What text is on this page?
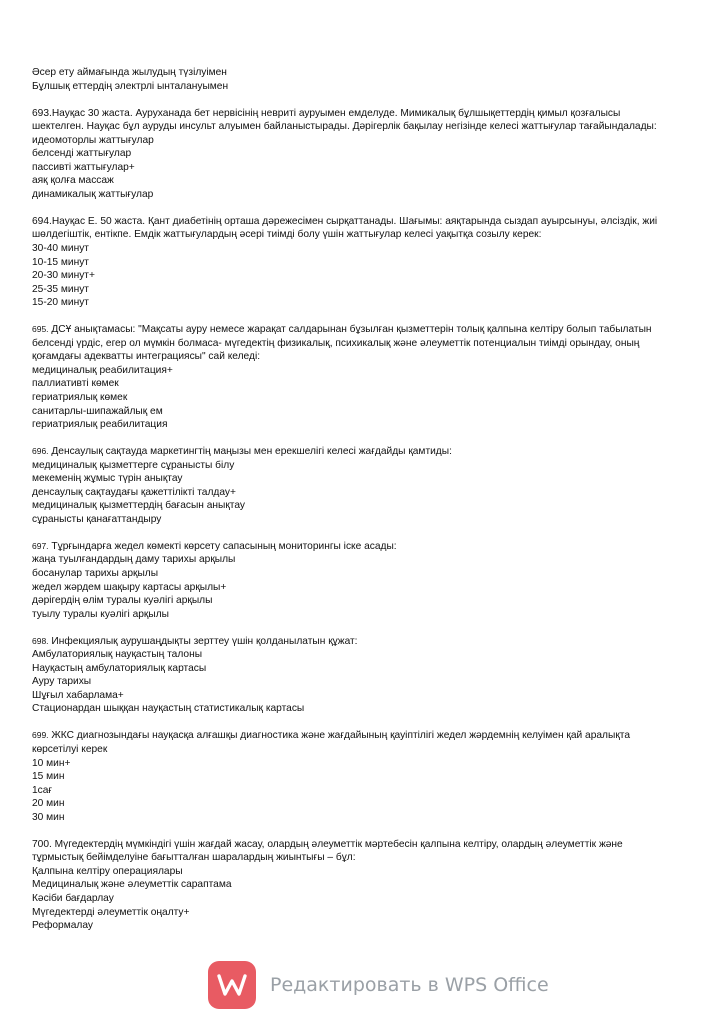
Әсер ету аймағында жылудың түзілуімен
Бұлшық еттердің электрлі ынталануымен
693.Науқас 30 жаста. Ауруханада бет нервісінің невриті ауруымен емделуде. Мимикалық бұлшықеттердің қимыл қозғалысы шектелген. Науқас бұл ауруды инсульт алуымен байланыстырады. Дәрігерлік бақылау негізінде келесі жаттығулар тағайындалады:
идеомоторлы жаттығулар
белсенді жаттығулар
пассивті жаттығулар+
аяқ қолға массаж
динамикалық жаттығулар
694.Науқас Е. 50 жаста. Қант диабетінің орташа дәрежесімен сырқаттанады. Шағымы: аяқтарында сыздап ауырсынуы, әлсіздік, жиі шөлдегіштік, ентікпе. Емдік жаттығулардың әсері тиімді болу үшін жаттығулар келесі уақытқа созылу керек:
30-40 минут
10-15 минут
20-30 минут+
25-35 минут
15-20 минут
695. ДСҰ анықтамасы: "Мақсаты ауру немесе жарақат салдарынан бұзылған қызметтерін толық қалпына келтіру болып табылатын белсенді үрдіс, егер ол мүмкін болмаса- мүгедектің физикалық, психикалық және әлеуметтік потенциалын тиімді орындау, оның қоғамдағы адекватты интеграциясы" сай келеді:
медициналық реабилитация+
паллиативті көмек
гериатриялық көмек
санитарлы-шипажайлық ем
гериатриялық реабилитация
696. Денсаулық сақтауда маркетингтің маңызы мен ерекшелігі келесі жағдайды қамтиды:
медициналық қызметтерге сұранысты білу
мекеменің жұмыс түрін анықтау
денсаулық сақтаудағы қажеттілікті талдау+
медициналық қызметтердің бағасын анықтау
сұранысты қанағаттандыру
697. Тұрғындарға жедел көмекті көрсету сапасының мониторингы іске асады:
жаңа туылғандардың даму тарихы арқылы
босанулар тарихы арқылы
жедел жәрдем шақыру картасы арқылы+
дәрігердің өлім туралы куәлігі арқылы
туылу туралы куәлігі арқылы
698. Инфекциялық аурушаңдықты зерттеу үшін қолданылатын құжат:
Амбулаториялық науқастың талоны
Науқастың амбулаториялық картасы
Ауру тарихы
Шұғыл хабарлама+
Стационардан шыққан науқастың статистикалық картасы
699. ЖКС диагнозындағы науқасқа алғашқы диагностика және жағдайының қауіптілігі жедел жәрдемнің келуімен қай аралықта көрсетілуі керек
10 мин+
15 мин
1сағ
20 мин
30 мин
700. Мүгедектердің мүмкіндігі үшін жағдай жасау, олардың әлеуметтік мәртебесін қалпына келтіру, олардың әлеуметтік және тұрмыстық бейімделуіне бағытталған шаралардың жиынтығы – бұл:
Қалпына келтіру операциялары
Медициналық және әлеуметтік сараптама
Кәсіби бағдарлау
Мүгедектерді әлеуметтік оңалту+
Реформалау
Редактировать в WPS Office
